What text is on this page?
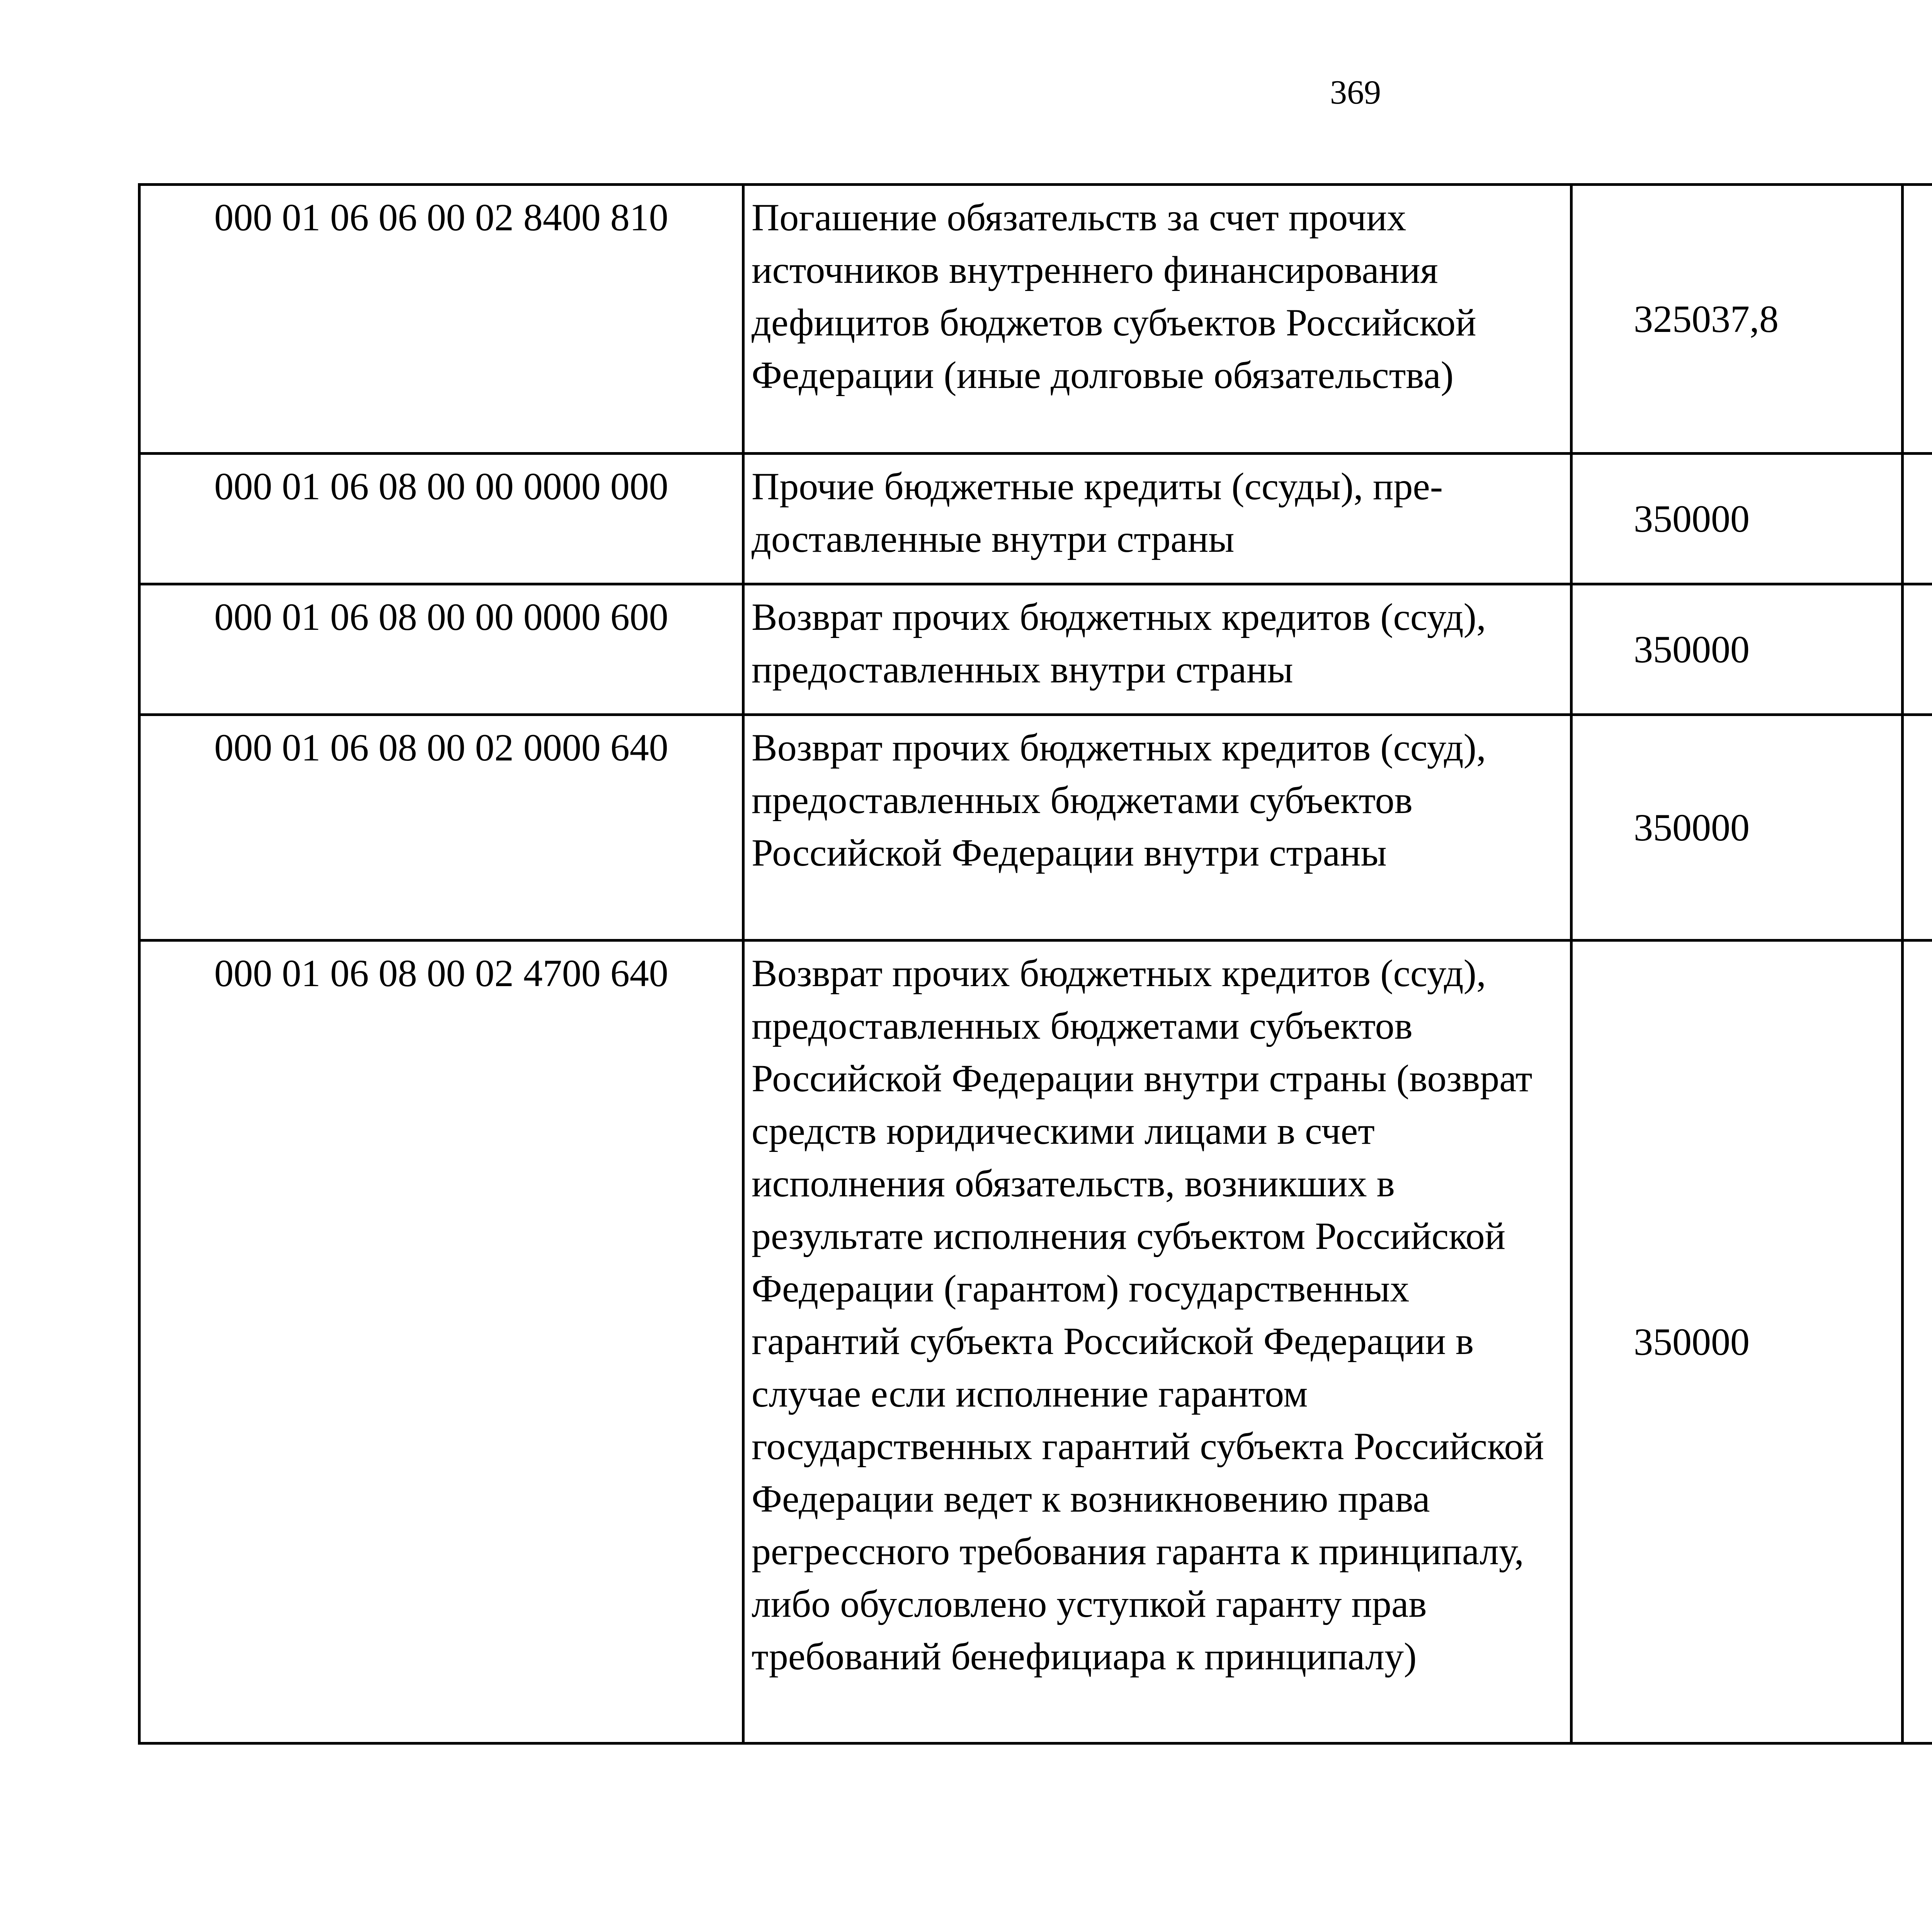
369
000 01 06 06 00 02 8400 810	Погашение обязательств за счет прочих источников внутреннего финансирования дефицитов бюджетов субъектов Российской Федерации (иные долговые обязательства)	325037,8		
000 01 06 08 00 00 0000 000	Прочие бюджетные кредиты (ссуды), пре-доставленные внутри страны	350000		
000 01 06 08 00 00 0000 600	Возврат прочих бюджетных кредитов (ссуд), предоставленных внутри страны	350000		
000 01 06 08 00 02 0000 640	Возврат прочих бюджетных кредитов (ссуд), предоставленных бюджетами субъектов Российской Федерации внутри страны	350000		
000 01 06 08 00 02 4700 640	Возврат прочих бюджетных кредитов (ссуд), предоставленных бюджетами субъектов Российской Федерации внутри страны (возврат средств юридическими лицами в счет исполнения обязательств, возникших в результате исполнения субъектом Российской Федерации (гарантом) государственных гарантий субъекта Российской Федерации в случае если исполнение гарантом государственных гарантий субъекта Российской Федерации ведет к возникновению права регрессного требования гаранта к принципалу, либо обусловлено уступкой гаранту прав требований бенефициара к принципалу)	350000		
